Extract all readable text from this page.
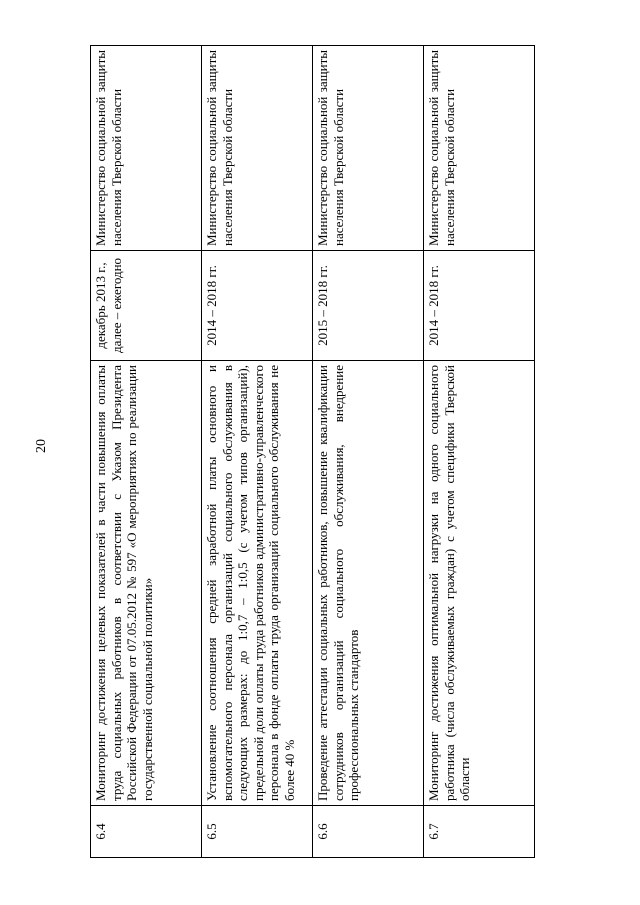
20
6.4	Мониторинг достижения целевых показателей в части повышения оплаты труда социальных работников в соответствии с Указом Президента Российской Федерации от 07.05.2012 № 597 «О мероприятиях по реализации государственной социальной политики»	декабрь 2013 г., далее – ежегодно	Министерство социальной защиты населения Тверской области
6.5	Установление соотношения средней заработной платы основного и вспомогательного персонала организаций социального обслуживания в следующих размерах: до 1:0,7 – 1:0,5 (с учетом типов организаций), предельной доли оплаты труда работников административно-управленческого персонала в фонде оплаты труда организаций социального обслуживания не более 40 %	2014 – 2018 гг.	Министерство социальной защиты населения Тверской области
6.6	Проведение аттестации социальных работников, повышение квалификации сотрудников организаций социального обслуживания, внедрение профессиональных стандартов	2015 – 2018 гг.	Министерство социальной защиты населения Тверской области
6.7	Мониторинг достижения оптимальной нагрузки на одного социального работника (числа обслуживаемых граждан) с учетом специфики Тверской области	2014 – 2018 гг.	Министерство социальной защиты населения Тверской области
